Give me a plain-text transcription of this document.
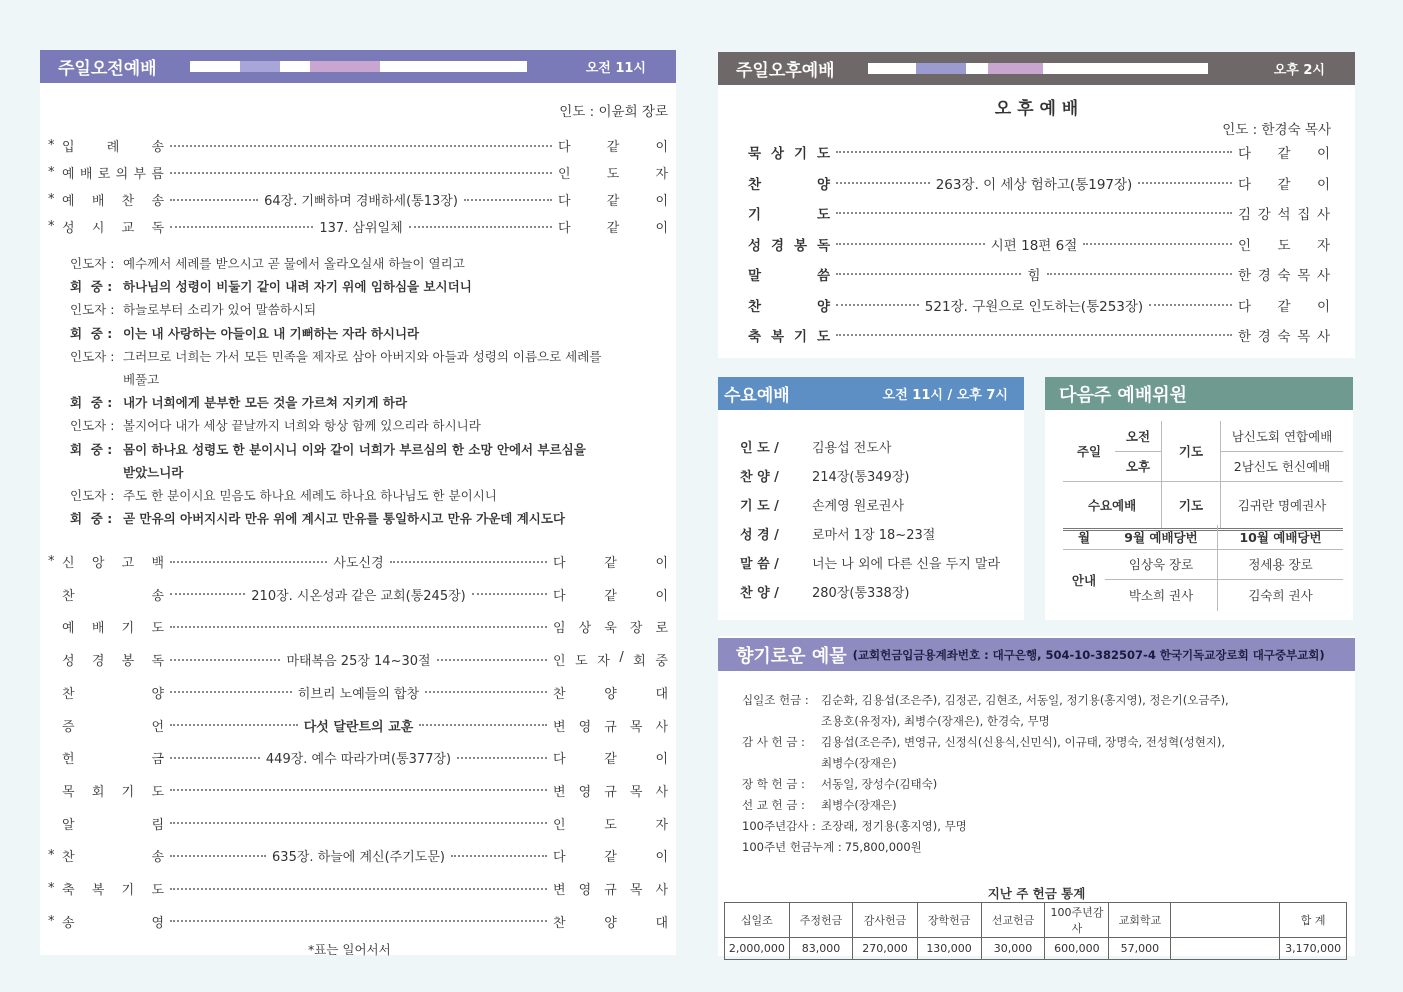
주일오전예배	오전 11시
인도 : 이윤희 장로
* 입 례 송	다	같	이
* 예 배 로 의 부 름	인	도	자
* 예 배 찬 송	64장. 기뻐하며 경배하세(통13장)	다	같	이
* 성 시 교 독	137. 삼위일체	다	같	이
인도자 : 예수께서 세례를 받으시고 곧 물에서 올라오실새 하늘이 열리고
회  중 : 하나님의 성령이 비둘기 같이 내려 자기 위에 임하심을 보시더니
인도자 : 하늘로부터 소리가 있어 말씀하시되
회  중 : 이는 내 사랑하는 아들이요 내 기뻐하는 자라 하시니라
인도자 : 그러므로 너희는 가서 모든 민족을 제자로 삼아 아버지와 아들과 성령의 이름으로 세례를
베풀고
회  중 : 내가 너희에게 분부한 모든 것을 가르쳐 지키게 하라
인도자 : 볼지어다 내가 세상 끝날까지 너희와 항상 함께 있으리라 하시니라
회  중 : 몸이 하나요 성령도 한 분이시니 이와 같이 너희가 부르심의 한 소망 안에서 부르심을
받았느니라
인도자 : 주도 한 분이시요 믿음도 하나요 세례도 하나요 하나님도 한 분이시니
회  중 : 곧 만유의 아버지시라 만유 위에 계시고 만유를 통일하시고 만유 가운데 계시도다
* 신 앙 고 백	사도신경	다	같	이
찬	송	210장. 시온성과 같은 교회(통245장)	다	같	이
예 배 기 도	임 상 욱 장 로
성 경 봉 독	마태복음 25장 14~30절	인 도 자 / 회 중
찬	양	히브리 노예들의 합창	찬	양	대
증	언	다섯 달란트의 교훈	변 영 규 목 사
헌	금	449장. 예수 따라가며(통377장)	다	같	이
목 회 기 도	변 영 규 목 사
알	림	인	도	자
* 찬	송	635장. 하늘에 계신(주기도문)	다	같	이
* 축 복 기 도	변 영 규 목 사
* 송	영	찬	양	대
*표는 일어서서
주일오후예배	오후 2시
오 후 예 배
인도 : 한경숙 목사
묵 상 기 도	다 같 이
찬	양	263장. 이 세상 험하고(통197장)	다 같 이
기	도	김 강 석 집 사
성 경 봉 독	시편 18편 6절	인 도 자
말	씀	힘	한 경 숙 목 사
찬	양	521장. 구원으로 인도하는(통253장)	다 같 이
축 복 기 도	한 경 숙 목 사
수요예배	오전 11시 / 오후 7시
인 도 /	김용섭 전도사
찬 양 /	214장(통349장)
기 도 /	손계영 원로권사
성 경 /	로마서 1장 18~23절
말 씀 /	너는 나 외에 다른 신을 두지 말라
찬 양 /	280장(통338장)
다음주 예배위원
주일	오전	기도	남신도회 연합예배
	오후		2남신도 헌신예배
수요예배		기도	김귀란 명예권사
월	9월 예배당번	10월 예배당번
안내	임상욱 장로	정세용 장로
	박소희 권사	김숙희 권사
향기로운 예물 (교회헌금입금용계좌번호 : 대구은행, 504-10-382507-4 한국기독교장로회 대구중부교회)
십일조 헌금 : 김순화, 김용섭(조은주), 김정곤, 김현조, 서동일, 정기용(홍지영), 정은기(오금주),
조용호(유정자), 최병수(장재은), 한경숙, 무명
감 사 헌 금 : 김용섭(조은주), 변영규, 신정식(신용식,신민식), 이규태, 장명숙, 전성혁(성현지),
최병수(장재은)
장 학 헌 금 : 서동일, 장성수(김태숙)
선 교 헌 금 : 최병수(장재은)
100주년감사 : 조장래, 정기용(홍지영), 무명
100주년 헌금누계 : 75,800,000원
지난 주 헌금 통계
십일조	주정헌금	감사헌금	장학헌금	선교헌금	100주년감사	교회학교		합 계
2,000,000	83,000	270,000	130,000	30,000	600,000	57,000		3,170,000
